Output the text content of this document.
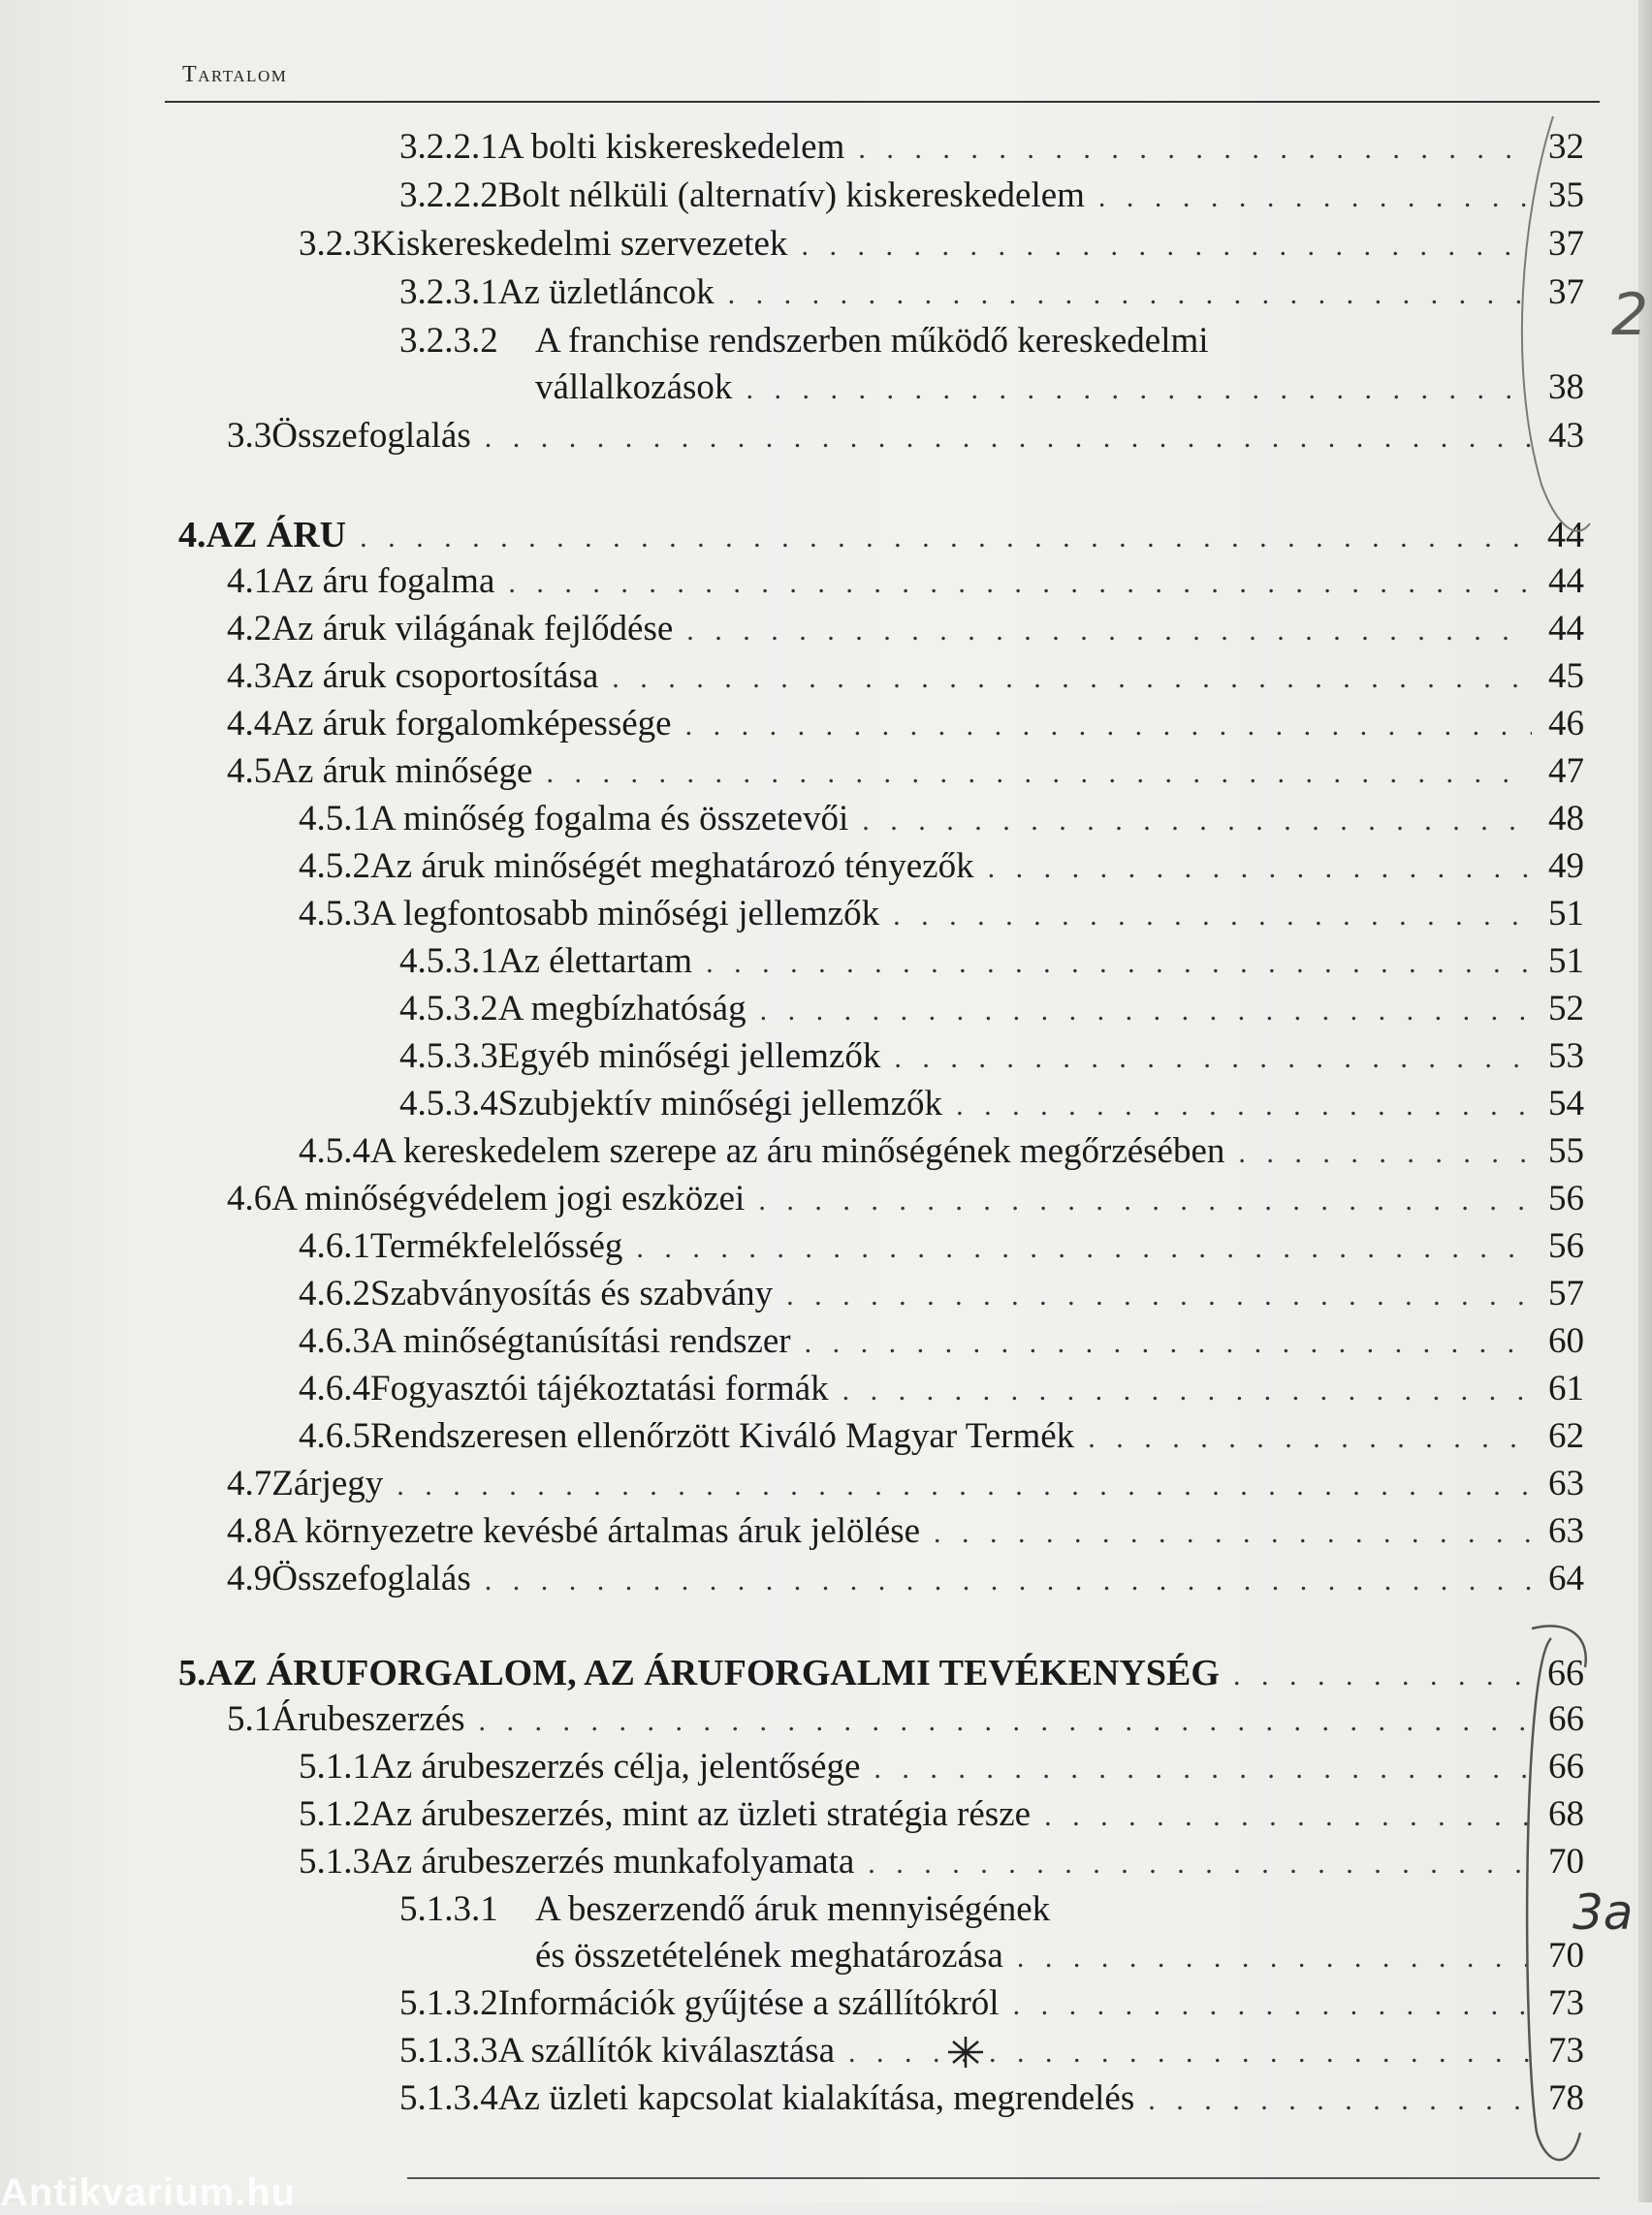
Tartalom
3.2.2.1 A bolti kiskereskedelem . . .	32
3.2.2.2 Bolt nélküli (alternatív) kiskereskedelem . . .	35
3.2.3 Kiskereskedelmi szervezetek . . .	37
3.2.3.1 Az üzletláncok . . .	37
3.2.3.2	A franchise rendszerben működő kereskedelmi
vállalkozások . . .	38
3.3 Összefoglalás . . .	43
4. AZ ÁRU . . .	44
4.1 Az áru fogalma . . .	44
4.2 Az áruk világának fejlődése . . .	44
4.3 Az áruk csoportosítása . . .	45
4.4 Az áruk forgalomképessége . . .	46
4.5 Az áruk minősége . . .	47
4.5.1 A minőség fogalma és összetevői . . .	48
4.5.2 Az áruk minőségét meghatározó tényezők . . .	49
4.5.3 A legfontosabb minőségi jellemzők . . .	51
4.5.3.1 Az élettartam . . .	51
4.5.3.2 A megbízhatóság . . .	52
4.5.3.3 Egyéb minőségi jellemzők . . .	53
4.5.3.4 Szubjektív minőségi jellemzők . . .	54
4.5.4 A kereskedelem szerepe az áru minőségének megőrzésében . . .	55
4.6 A minőségvédelem jogi eszközei . . .	56
4.6.1 Termékfelelősség . . .	56
4.6.2 Szabványosítás és szabvány . . .	57
4.6.3 A minőségtanúsítási rendszer . . .	60
4.6.4 Fogyasztói tájékoztatási formák . . .	61
4.6.5 Rendszeresen ellenőrzött Kiváló Magyar Termék . . .	62
4.7 Zárjegy . . .	63
4.8 A környezetre kevésbé ártalmas áruk jelölése . . .	63
4.9 Összefoglalás . . .	64
5. AZ ÁRUFORGALOM, AZ ÁRUFORGALMI TEVÉKENYSÉG . . .	66
5.1 Árubeszerzés . . .	66
5.1.1 Az árubeszerzés célja, jelentősége . . .	66
5.1.2 Az árubeszerzés, mint az üzleti stratégia része . . .	68
5.1.3 Az árubeszerzés munkafolyamata . . .	70
5.1.3.1	A beszerzendő áruk mennyiségének
és összetételének meghatározása . . .	70
5.1.3.2 Információk gyűjtése a szállítókról . . .	73
5.1.3.3 A szállítók kiválasztása . . .	73
5.1.3.4 Az üzleti kapcsolat kialakítása, megrendelés . . .	78
2
3a
Antikvarium.hu
